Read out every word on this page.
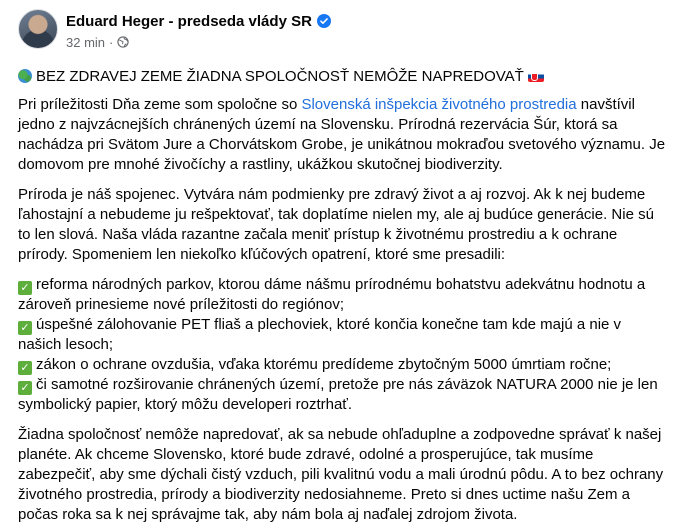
Eduard Heger - predseda vlády SR
32 min ·

BEZ ZDRAVEJ ZEME ŽIADNA SPOLOČNOSŤ NEMÔŽE NAPREDOVAŤ

Pri príležitosti Dňa zeme som spoločne so Slovenská inšpekcia životného prostredia navštívil jedno z najvzácnejších chránených území na Slovensku. Prírodná rezervácia Šúr, ktorá sa nachádza pri Svätom Jure a Chorvátskom Grobe, je unikátnou mokraďou svetového významu. Je domovom pre mnohé živočíchy a rastliny, ukážkou skutočnej biodiverzity.

Príroda je náš spojenec. Vytvára nám podmienky pre zdravý život a aj rozvoj. Ak k nej budeme ľahostajní a nebudeme ju rešpektovať, tak doplatíme nielen my, ale aj budúce generácie. Nie sú to len slová. Naša vláda razantne začala meniť prístup k životnému prostrediu a k ochrane prírody. Spomeniem len niekoľko kľúčových opatrení, ktoré sme presadili:

✓ reforma národných parkov, ktorou dáme nášmu prírodnému bohatstvu adekvátnu hodnotu a zároveň prinesieme nové príležitosti do regiónov;
✓ úspešné zálohovanie PET fliaš a plechoviek, ktoré končia konečne tam kde majú a nie v našich lesoch;
✓ zákon o ochrane ovzdušia, vďaka ktorému predídeme zbytočným 5000 úmrtiam ročne;
✓ či samotné rozširovanie chránených území, pretože pre nás záväzok NATURA 2000 nie je len symbolický papier, ktorý môžu developeri roztrhať.

Žiadna spoločnosť nemôže napredovať, ak sa nebude ohľaduplne a zodpovedne správať k našej planéte. Ak chceme Slovensko, ktoré bude zdravé, odolné a prosperujúce, tak musíme zabezpečiť, aby sme dýchali čistý vzduch, pili kvalitnú vodu a mali úrodnú pôdu. A to bez ochrany životného prostredia, prírody a biodiverzity nedosiahneme. Preto si dnes uctime našu Zem a počas roka sa k nej správajme tak, aby nám bola aj naďalej zdrojom života.
